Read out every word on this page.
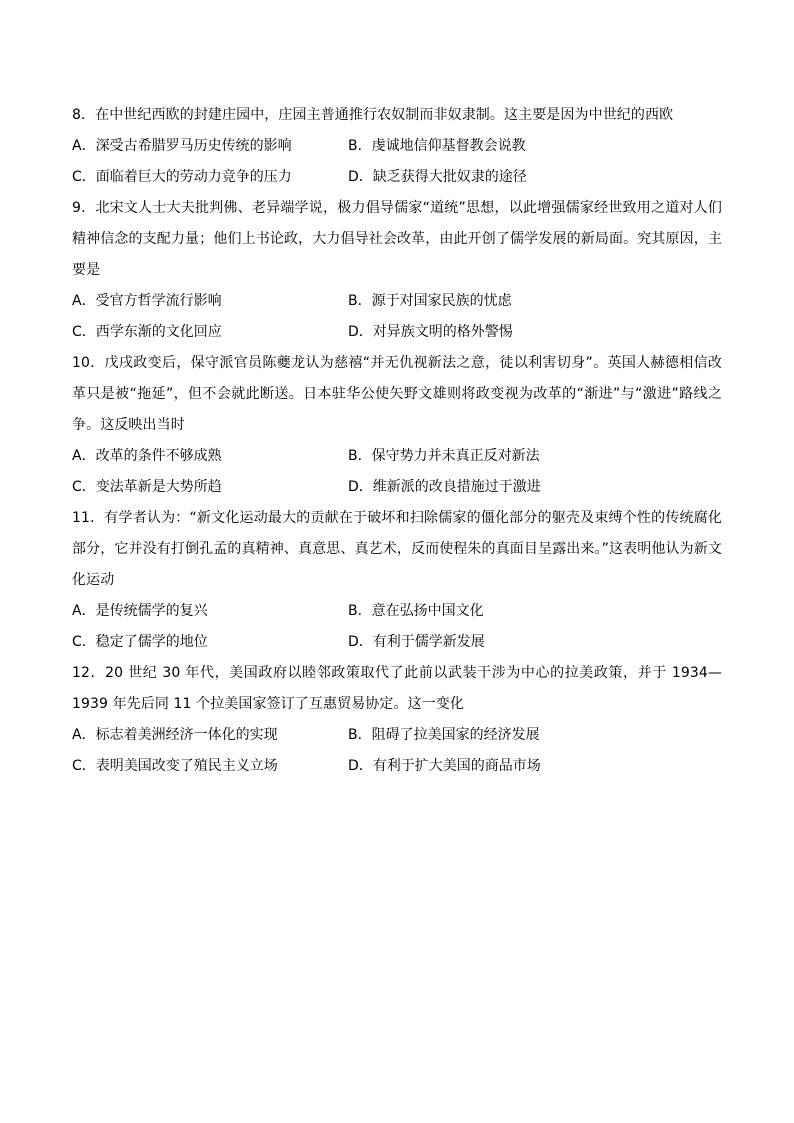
8．在中世纪西欧的封建庄园中，庄园主普通推行农奴制而非奴隶制。这主要是因为中世纪的西欧

A．深受古希腊罗马历史传统的影响	B．虔诚地信仰基督教会说教
C．面临着巨大的劳动力竞争的压力	D．缺乏获得大批奴隶的途径

9．北宋文人士大夫批判佛、老异端学说，极力倡导儒家“道统”思想，以此增强儒家经世致用之道对人们精神信念的支配力量；他们上书论政，大力倡导社会改革，由此开创了儒学发展的新局面。究其原因，主要是

A．受官方哲学流行影响	B．源于对国家民族的忧虑
C．西学东渐的文化回应	D．对异族文明的格外警惕

10．戊戌政变后，保守派官员陈夔龙认为慈禧“并无仇视新法之意，徒以利害切身”。英国人赫德相信改革只是被“拖延”，但不会就此断送。日本驻华公使矢野文雄则将政变视为改革的“渐进”与“激进”路线之争。这反映出当时

A．改革的条件不够成熟	B．保守势力并未真正反对新法
C．变法革新是大势所趋	D．维新派的改良措施过于激进

11．有学者认为：“新文化运动最大的贡献在于破坏和扫除儒家的僵化部分的躯壳及束缚个性的传统腐化部分，它并没有打倒孔孟的真精神、真意思、真艺术，反而使程朱的真面目呈露出来。”这表明他认为新文化运动

A．是传统儒学的复兴	B．意在弘扬中国文化
C．稳定了儒学的地位	D．有利于儒学新发展

12．20 世纪 30 年代，美国政府以睦邻政策取代了此前以武装干涉为中心的拉美政策，并于 1934—1939 年先后同 11 个拉美国家签订了互惠贸易协定。这一变化

A．标志着美洲经济一体化的实现	B．阻碍了拉美国家的经济发展
C．表明美国改变了殖民主义立场	D．有利于扩大美国的商品市场
